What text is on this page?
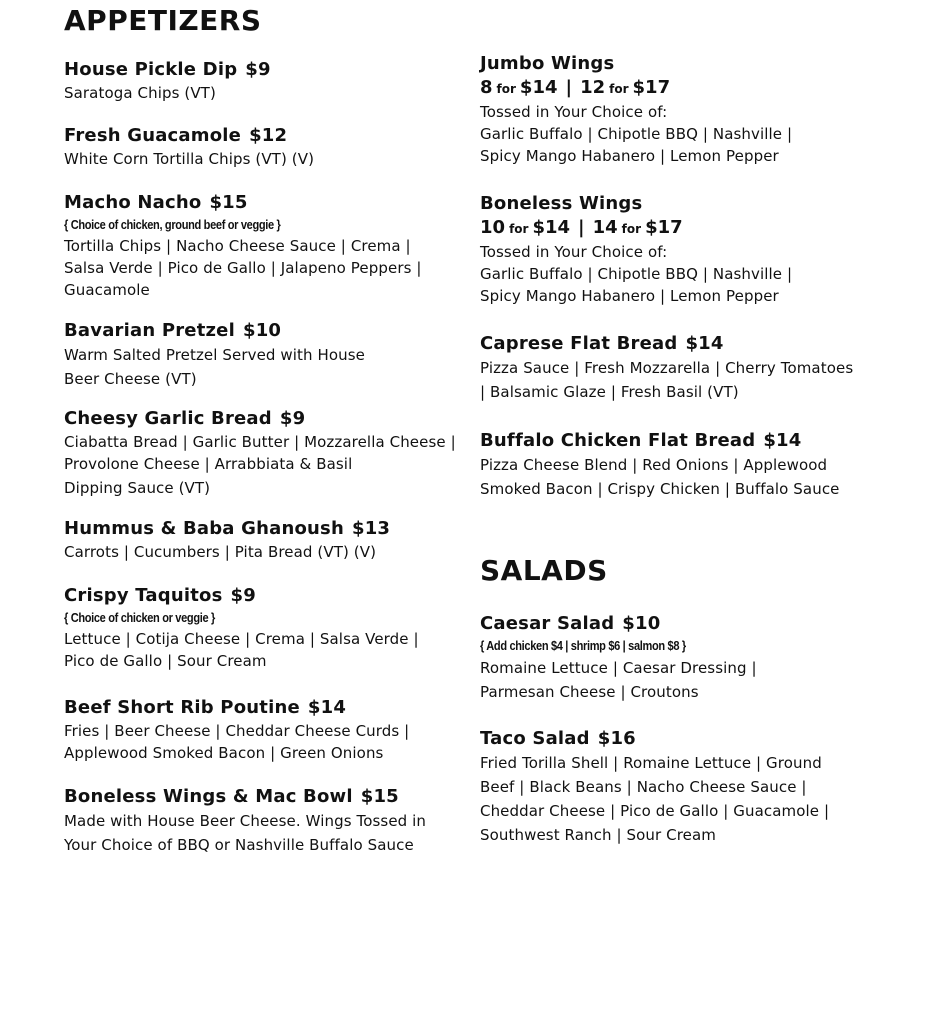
APPETIZERS
House Pickle Dip $9
Saratoga Chips (VT)
Fresh Guacamole $12
White Corn Tortilla Chips (VT) (V)
Macho Nacho $15
{ Choice of chicken, ground beef or veggie }
Tortilla Chips | Nacho Cheese Sauce | Crema |
Salsa Verde | Pico de Gallo | Jalapeno Peppers |
Guacamole
Bavarian Pretzel $10
Warm Salted Pretzel Served with House
Beer Cheese (VT)
Cheesy Garlic Bread $9
Ciabatta Bread | Garlic Butter | Mozzarella Cheese |
Provolone Cheese | Arrabbiata & Basil
Dipping Sauce (VT)
Hummus & Baba Ghanoush $13
Carrots | Cucumbers | Pita Bread (VT) (V)
Crispy Taquitos $9
{ Choice of chicken or veggie }
Lettuce | Cotija Cheese | Crema | Salsa Verde |
Pico de Gallo | Sour Cream
Beef Short Rib Poutine $14
Fries | Beer Cheese | Cheddar Cheese Curds |
Applewood Smoked Bacon | Green Onions
Boneless Wings & Mac Bowl $15
Made with House Beer Cheese. Wings Tossed in
Your Choice of BBQ or Nashville Buffalo Sauce
Jumbo Wings
8 for $14 | 12 for $17
Tossed in Your Choice of:
Garlic Buffalo | Chipotle BBQ | Nashville |
Spicy Mango Habanero | Lemon Pepper
Boneless Wings
10 for $14 | 14 for $17
Tossed in Your Choice of:
Garlic Buffalo | Chipotle BBQ | Nashville |
Spicy Mango Habanero | Lemon Pepper
Caprese Flat Bread $14
Pizza Sauce | Fresh Mozzarella | Cherry Tomatoes
| Balsamic Glaze | Fresh Basil (VT)
Buffalo Chicken Flat Bread $14
Pizza Cheese Blend | Red Onions | Applewood
Smoked Bacon | Crispy Chicken | Buffalo Sauce
SALADS
Caesar Salad $10
{ Add chicken $4 | shrimp $6 | salmon $8 }
Romaine Lettuce | Caesar Dressing |
Parmesan Cheese | Croutons
Taco Salad $16
Fried Torilla Shell | Romaine Lettuce | Ground
Beef | Black Beans | Nacho Cheese Sauce |
Cheddar Cheese | Pico de Gallo | Guacamole |
Southwest Ranch | Sour Cream
